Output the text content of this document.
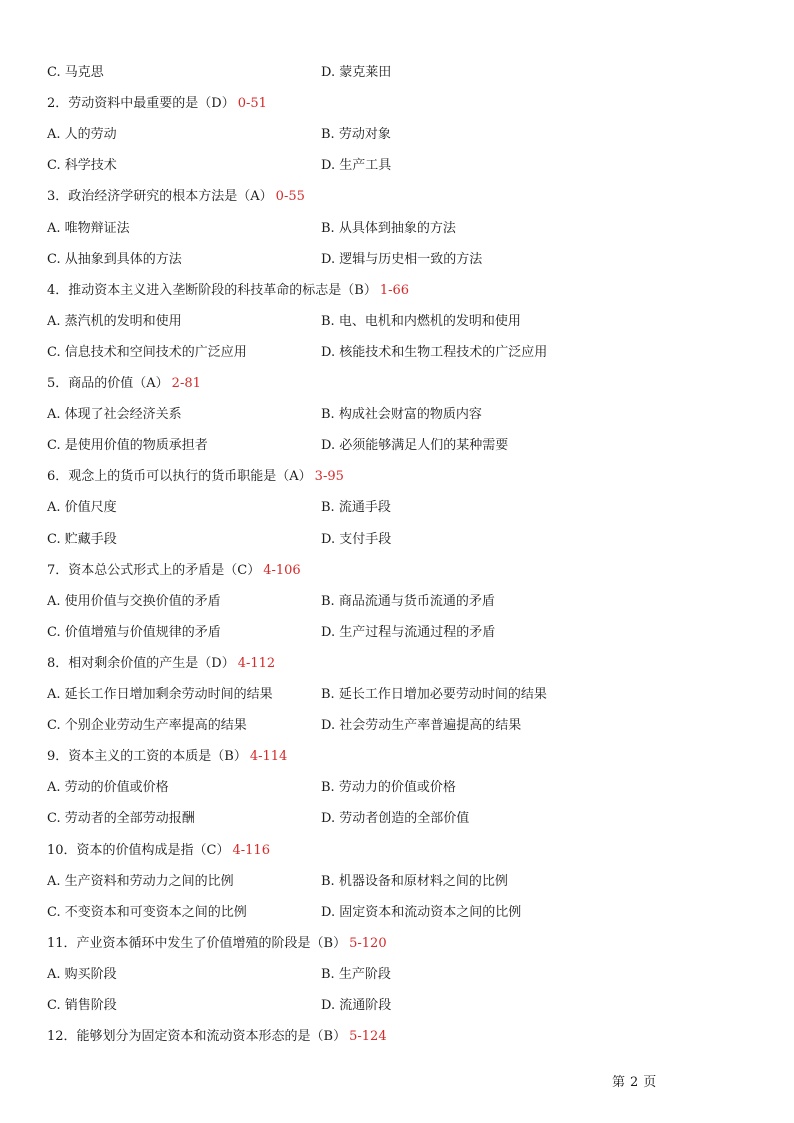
C. 马克思	D. 蒙克莱田
2．劳动资料中最重要的是（D） 0-51
A. 人的劳动	B. 劳动对象
C. 科学技术	D. 生产工具
3．政治经济学研究的根本方法是（A） 0-55
A. 唯物辩证法	B. 从具体到抽象的方法
C. 从抽象到具体的方法	D. 逻辑与历史相一致的方法
4．推动资本主义进入垄断阶段的科技革命的标志是（B） 1-66
A. 蒸汽机的发明和使用	B. 电、电机和内燃机的发明和使用
C. 信息技术和空间技术的广泛应用	D. 核能技术和生物工程技术的广泛应用
5．商品的价值（A） 2-81
A. 体现了社会经济关系	B. 构成社会财富的物质内容
C. 是使用价值的物质承担者	D. 必须能够满足人们的某种需要
6．观念上的货币可以执行的货币职能是（A） 3-95
A. 价值尺度	B. 流通手段
C. 贮藏手段	D. 支付手段
7．资本总公式形式上的矛盾是（C） 4-106
A. 使用价值与交换价值的矛盾	B. 商品流通与货币流通的矛盾
C. 价值增殖与价值规律的矛盾	D. 生产过程与流通过程的矛盾
8．相对剩余价值的产生是（D） 4-112
A. 延长工作日增加剩余劳动时间的结果	B. 延长工作日增加必要劳动时间的结果
C. 个别企业劳动生产率提高的结果	D. 社会劳动生产率普遍提高的结果
9．资本主义的工资的本质是（B） 4-114
A. 劳动的价值或价格	B. 劳动力的价值或价格
C. 劳动者的全部劳动报酬	D. 劳动者创造的全部价值
10．资本的价值构成是指（C） 4-116
A. 生产资料和劳动力之间的比例	B. 机器设备和原材料之间的比例
C. 不变资本和可变资本之间的比例	D. 固定资本和流动资本之间的比例
11．产业资本循环中发生了价值增殖的阶段是（B） 5-120
A. 购买阶段	B. 生产阶段
C. 销售阶段	D. 流通阶段
12．能够划分为固定资本和流动资本形态的是（B） 5-124
第 2 页
